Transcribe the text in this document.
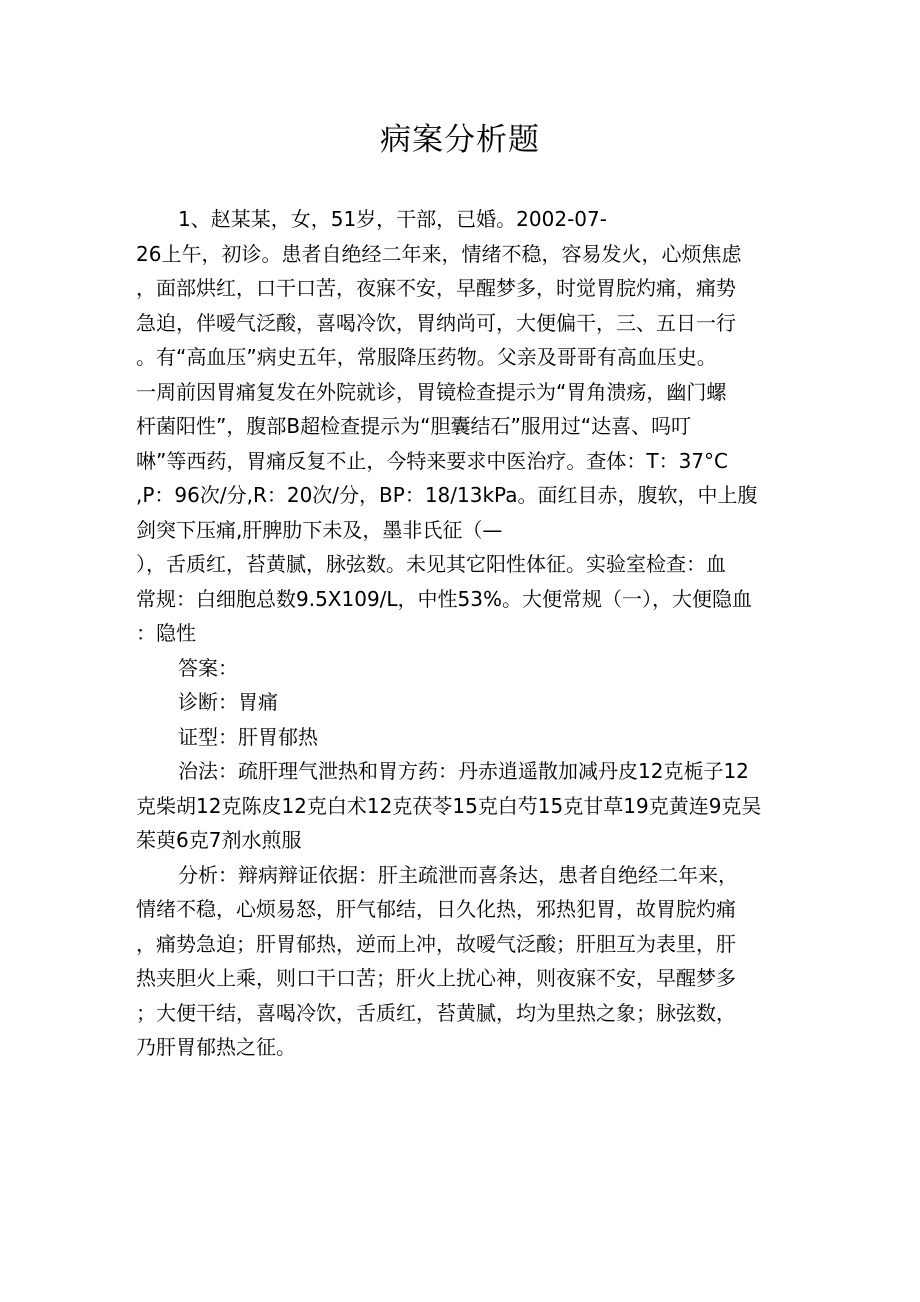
病案分析题
1、赵某某，女，51岁，干部，已婚。2002-07-
26上午，初诊。患者自绝经二年来，情绪不稳，容易发火，心烦焦虑
，面部烘红，口干口苦，夜寐不安，早醒梦多，时觉胃脘灼痛，痛势
急迫，伴嗳气泛酸，喜喝冷饮，胃纳尚可，大便偏干，三、五日一行
。有“高血压”病史五年，常服降压药物。父亲及哥哥有高血压史。
一周前因胃痛复发在外院就诊，胃镜检查提示为“胃角溃疡，幽门螺
杆菌阳性”，腹部B超检查提示为“胆囊结石”服用过“达喜、吗叮
啉”等西药，胃痛反复不止，今特来要求中医治疗。查体：T：37°C
,P：96次/分,R：20次/分，BP：18/13kPa。面红目赤，腹软，中上腹
剑突下压痛,肝脾肋下未及，墨非氏征（—
），舌质红，苔黄腻，脉弦数。未见其它阳性体征。实验室检查：血
常规：白细胞总数9.5X109/L，中性53%。大便常规（一），大便隐血
：隐性
答案：
诊断：胃痛
证型：肝胃郁热
治法：疏肝理气泄热和胃方药：丹赤逍遥散加减丹皮12克栀子12
克柴胡12克陈皮12克白术12克茯苓15克白芍15克甘草19克黄连9克吴
茱萸6克7剂水煎服
分析：辩病辩证依据：肝主疏泄而喜条达，患者自绝经二年来，
情绪不稳，心烦易怒，肝气郁结，日久化热，邪热犯胃，故胃脘灼痛
，痛势急迫；肝胃郁热，逆而上冲，故嗳气泛酸；肝胆互为表里，肝
热夹胆火上乘，则口干口苦；肝火上扰心神，则夜寐不安，早醒梦多
；大便干结，喜喝冷饮，舌质红，苔黄腻，均为里热之象；脉弦数，
乃肝胃郁热之征。
